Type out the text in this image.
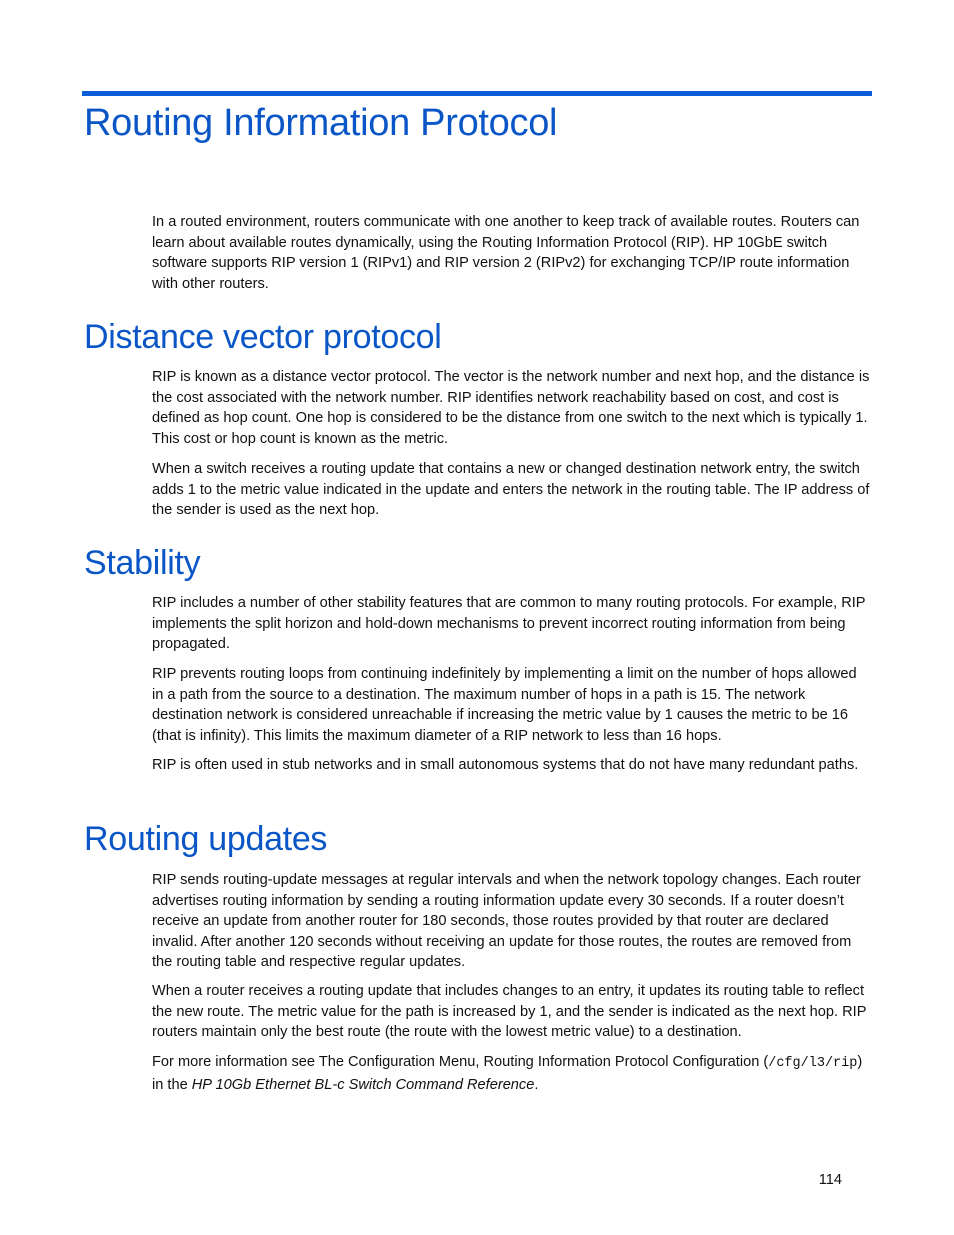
Routing Information Protocol

In a routed environment, routers communicate with one another to keep track of available routes. Routers can learn about available routes dynamically, using the Routing Information Protocol (RIP). HP 10GbE switch software supports RIP version 1 (RIPv1) and RIP version 2 (RIPv2) for exchanging TCP/IP route information with other routers.

Distance vector protocol

RIP is known as a distance vector protocol. The vector is the network number and next hop, and the distance is the cost associated with the network number. RIP identifies network reachability based on cost, and cost is defined as hop count. One hop is considered to be the distance from one switch to the next which is typically 1. This cost or hop count is known as the metric.

When a switch receives a routing update that contains a new or changed destination network entry, the switch adds 1 to the metric value indicated in the update and enters the network in the routing table. The IP address of the sender is used as the next hop.

Stability

RIP includes a number of other stability features that are common to many routing protocols. For example, RIP implements the split horizon and hold-down mechanisms to prevent incorrect routing information from being propagated.

RIP prevents routing loops from continuing indefinitely by implementing a limit on the number of hops allowed in a path from the source to a destination. The maximum number of hops in a path is 15. The network destination network is considered unreachable if increasing the metric value by 1 causes the metric to be 16 (that is infinity). This limits the maximum diameter of a RIP network to less than 16 hops.

RIP is often used in stub networks and in small autonomous systems that do not have many redundant paths.

Routing updates

RIP sends routing-update messages at regular intervals and when the network topology changes. Each router advertises routing information by sending a routing information update every 30 seconds. If a router doesn’t receive an update from another router for 180 seconds, those routes provided by that router are declared invalid. After another 120 seconds without receiving an update for those routes, the routes are removed from the routing table and respective regular updates.

When a router receives a routing update that includes changes to an entry, it updates its routing table to reflect the new route. The metric value for the path is increased by 1, and the sender is indicated as the next hop. RIP routers maintain only the best route (the route with the lowest metric value) to a destination.

For more information see The Configuration Menu, Routing Information Protocol Configuration (/cfg/l3/rip) in the HP 10Gb Ethernet BL-c Switch Command Reference.

114
